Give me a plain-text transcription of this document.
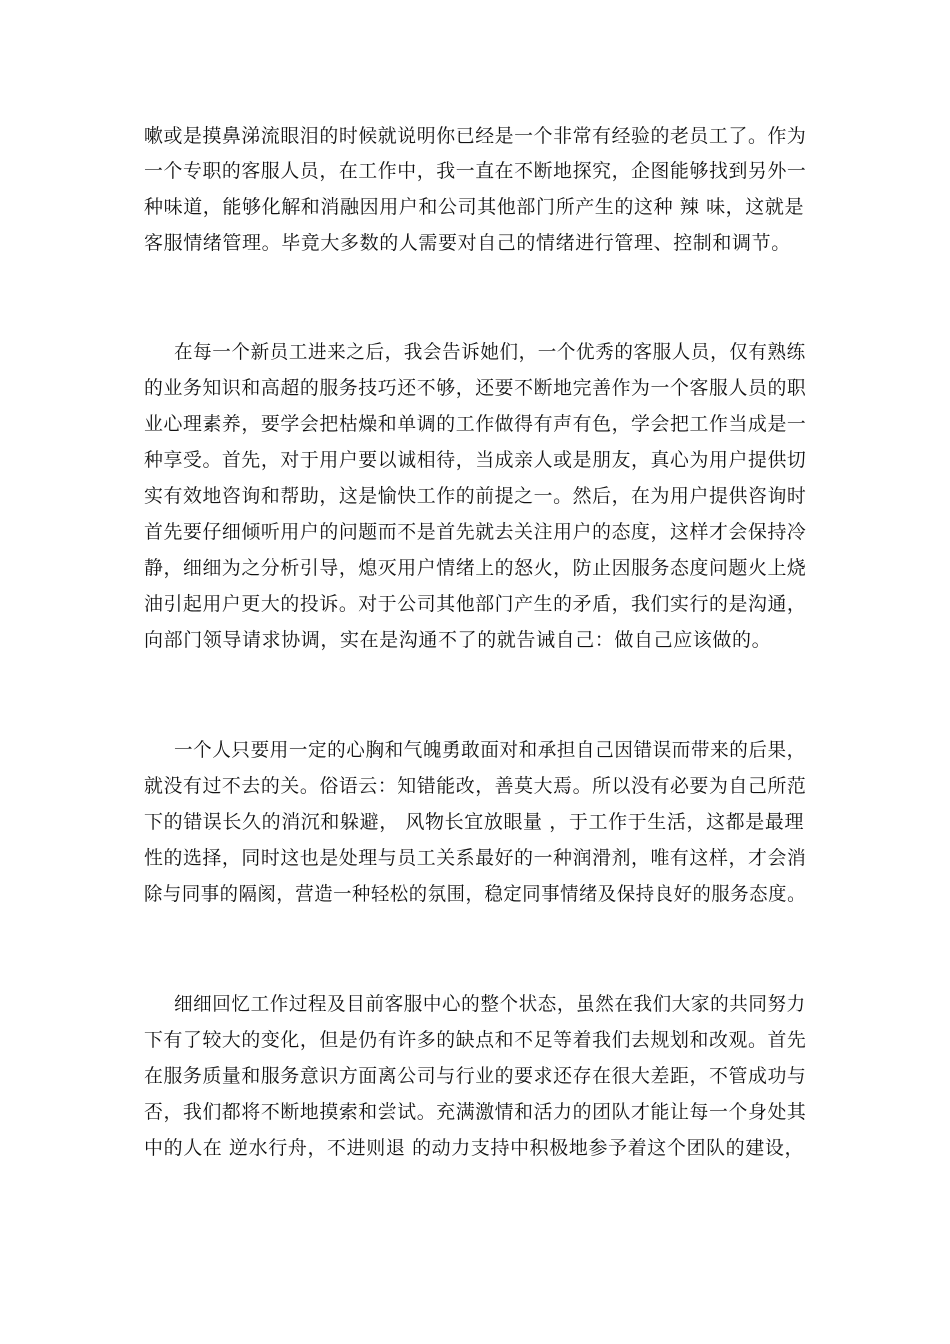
嗽或是摸鼻涕流眼泪的时候就说明你已经是一个非常有经验的老员工了。作为
一个专职的客服人员，在工作中，我一直在不断地探究，企图能够找到另外一
种味道，能够化解和消融因用户和公司其他部门所产生的这种 辣 味，这就是
客服情绪管理。毕竟大多数的人需要对自己的情绪进行管理、控制和调节。
在每一个新员工进来之后，我会告诉她们，一个优秀的客服人员，仅有熟练
的业务知识和高超的服务技巧还不够，还要不断地完善作为一个客服人员的职
业心理素养，要学会把枯燥和单调的工作做得有声有色，学会把工作当成是一
种享受。首先，对于用户要以诚相待，当成亲人或是朋友，真心为用户提供切
实有效地咨询和帮助，这是愉快工作的前提之一。然后，在为用户提供咨询时
首先要仔细倾听用户的问题而不是首先就去关注用户的态度，这样才会保持冷
静，细细为之分析引导，熄灭用户情绪上的怒火，防止因服务态度问题火上烧
油引起用户更大的投诉。对于公司其他部门产生的矛盾，我们实行的是沟通，
向部门领导请求协调，实在是沟通不了的就告诫自己：做自己应该做的。
一个人只要用一定的心胸和气魄勇敢面对和承担自己因错误而带来的后果，
就没有过不去的关。俗语云：知错能改，善莫大焉。所以没有必要为自己所范
下的错误长久的消沉和躲避， 风物长宜放眼量 ，于工作于生活，这都是最理
性的选择，同时这也是处理与员工关系最好的一种润滑剂，唯有这样，才会消
除与同事的隔阂，营造一种轻松的氛围，稳定同事情绪及保持良好的服务态度。
细细回忆工作过程及目前客服中心的整个状态，虽然在我们大家的共同努力
下有了较大的变化，但是仍有许多的缺点和不足等着我们去规划和改观。首先
在服务质量和服务意识方面离公司与行业的要求还存在很大差距，不管成功与
否，我们都将不断地摸索和尝试。充满激情和活力的团队才能让每一个身处其
中的人在 逆水行舟，不进则退 的动力支持中积极地参予着这个团队的建设，
